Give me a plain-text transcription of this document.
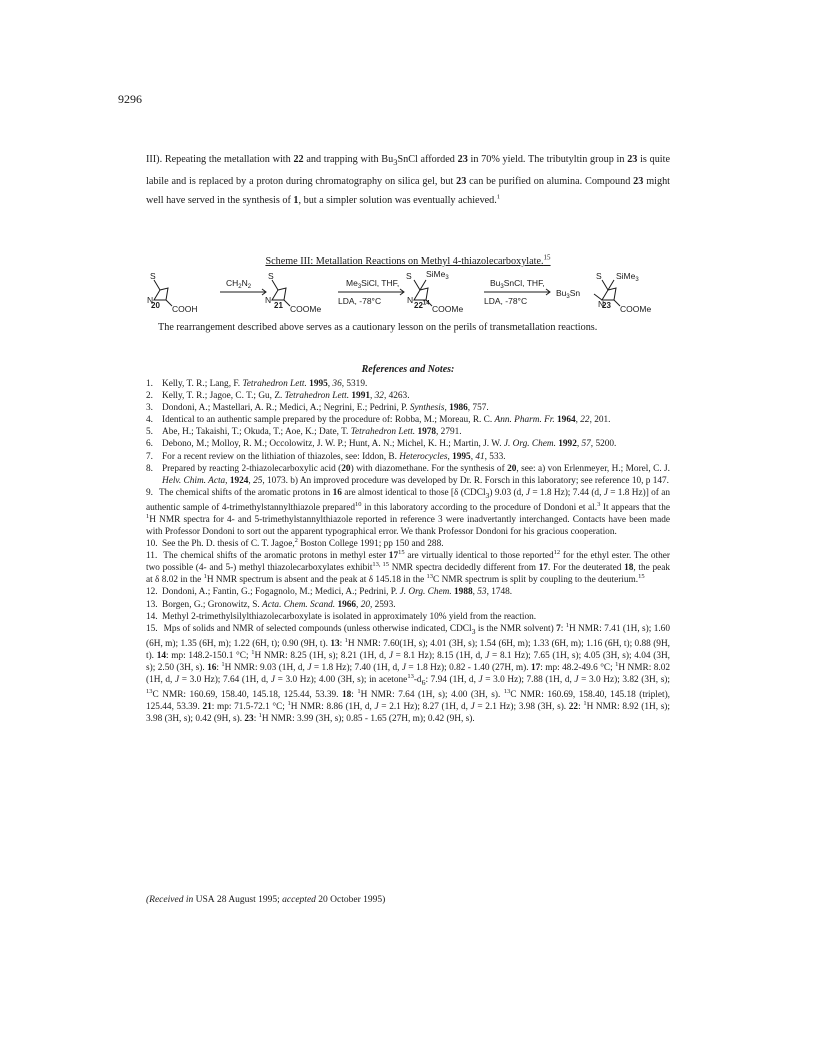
9296

III). Repeating the metallation with 22 and trapping with $Bu_3SnCl$ afforded 23 in 70% yield. The tributyltin group in 23 is quite labile and is replaced by a proton during chromatography on silica gel, but 23 can be purified on alumina. Compound 23 might well have served in the synthesis of 1, but a simpler solution was eventually achieved.$^1$

Scheme III: Metallation Reactions on Methyl 4-thiazolecarboxylate.$^{15}$
S
N
COOH
$CH_2N_2$
S
N
COOMe
$Me_3SiCl$, THF,
LDA, -78°C
S SiMe$_3$
N
COOMe
$Bu_3SnCl$, THF,
LDA, -78°C
S SiMe$_3$
$Bu_3Sn$
N COOMe
20	21	$22^{14}$	23

The rearrangement described above serves as a cautionary lesson on the perils of transmetallation reactions.

References and Notes:
1. Kelly, T. R.; Lang, F. Tetrahedron Lett. 1995, 36, 5319.
2. Kelly, T. R.; Jagoe, C. T.; Gu, Z. Tetrahedron Lett. 1991, 32, 4263.
3. Dondoni, A.; Mastellari, A. R.; Medici, A.; Negrini, E.; Pedrini, P. Synthesis, 1986, 757.
4. Identical to an authentic sample prepared by the procedure of: Robba, M.; Moreau, R. C. Ann. Pharm. Fr. 1964, 22, 201.
5. Abe, H.; Takaishi, T.; Okuda, T.; Aoe, K.; Date, T. Tetrahedron Lett. 1978, 2791.
6. Debono, M.; Molloy, R. M.; Occolowitz, J. W. P.; Hunt, A. N.; Michel, K. H.; Martin, J. W. J. Org. Chem. 1992, 57, 5200.
7. For a recent review on the lithiation of thiazoles, see: Iddon, B. Heterocycles, 1995, 41, 533.
8. Prepared by reacting 2-thiazolecarboxylic acid (20) with diazomethane. For the synthesis of 20, see: a) von Erlenmeyer, H.; Morel, C. J. Helv. Chim. Acta, 1924, 25, 1073. b) An improved procedure was developed by Dr. R. Forsch in this laboratory; see reference 10, p 147.
9. The chemical shifts of the aromatic protons in 16 are almost identical to those [δ (CDCl$_3$) 9.03 (d, J = 1.8 Hz); 7.44 (d, J = 1.8 Hz)] of an authentic sample of 4-trimethylstannylthiazole prepared$^{10}$ in this laboratory according to the procedure of Dondoni et al.$^3$ It appears that the $^1$H NMR spectra for 4- and 5-trimethylstannylthiazole reported in reference 3 were inadvertantly interchanged. Contacts have been made with Professor Dondoni to sort out the apparent typographical error. We thank Professor Dondoni for his gracious cooperation.
10. See the Ph. D. thesis of C. T. Jagoe,$^2$ Boston College 1991; pp 150 and 288.
11. The chemical shifts of the aromatic protons in methyl ester $17^{15}$ are virtually identical to those reported$^{12}$ for the ethyl ester. The other two possible (4- and 5-) methyl thiazolecarboxylates exhibit$^{13, 15}$ NMR spectra decidedly different from 17. For the deuterated 18, the peak at δ 8.02 in the $^1$H NMR spectrum is absent and the peak at δ 145.18 in the $^{13}$C NMR spectrum is split by coupling to the deuterium.$^{15}$
12. Dondoni, A.; Fantin, G.; Fogagnolo, M.; Medici, A.; Pedrini, P. J. Org. Chem. 1988, 53, 1748.
13. Borgen, G.; Gronowitz, S. Acta. Chem. Scand. 1966, 20, 2593.
14. Methyl 2-trimethylsilylthiazolecarboxylate is isolated in approximately 10% yield from the reaction.
15. Mps of solids and NMR of selected compounds (unless otherwise indicated, CDCl$_3$ is the NMR solvent) 7: $^1$H NMR: 7.41 (1H, s); 1.60 (6H, m); 1.35 (6H, m); 1.22 (6H, t); 0.90 (9H, t). 13: $^1$H NMR: 7.60(1H, s); 4.01 (3H, s); 1.54 (6H, m); 1.33 (6H, m); 1.16 (6H, t); 0.88 (9H, t). 14: mp: 148.2-150.1 °C; $^1$H NMR: 8.25 (1H, s); 8.21 (1H, d, J = 8.1 Hz); 8.15 (1H, d, J = 8.1 Hz); 7.65 (1H, s); 4.05 (3H, s); 4.04 (3H, s); 2.50 (3H, s). 16: $^1$H NMR: 9.03 (1H, d, J = 1.8 Hz); 7.40 (1H, d, J = 1.8 Hz); 0.82 - 1.40 (27H, m). 17: mp: 48.2-49.6 °C; $^1$H NMR: 8.02 (1H, d, J = 3.0 Hz); 7.64 (1H, d, J = 3.0 Hz); 4.00 (3H, s); in $acetone^{13}-d_6$: 7.94 (1H, d, J = 3.0 Hz); 7.88 (1H, d, J = 3.0 Hz); 3.82 (3H, s); $^{13}$C NMR: 160.69, 158.40, 145.18, 125.44, 53.39. 18: $^1$H NMR: 7.64 (1H, s); 4.00 (3H, s). $^{13}$C NMR: 160.69, 158.40, 145.18 (triplet), 125.44, 53.39. 21: mp: 71.5-72.1 °C; $^1$H NMR: 8.86 (1H, d, J = 2.1 Hz); 8.27 (1H, d, J = 2.1 Hz); 3.98 (3H, s). 22: $^1$H NMR: 8.92 (1H, s); 3.98 (3H, s); 0.42 (9H, s). 23: $^1$H NMR: 3.99 (3H, s); 0.85 - 1.65 (27H, m); 0.42 (9H, s).
(Received in USA 28 August 1995; accepted 20 October 1995)
